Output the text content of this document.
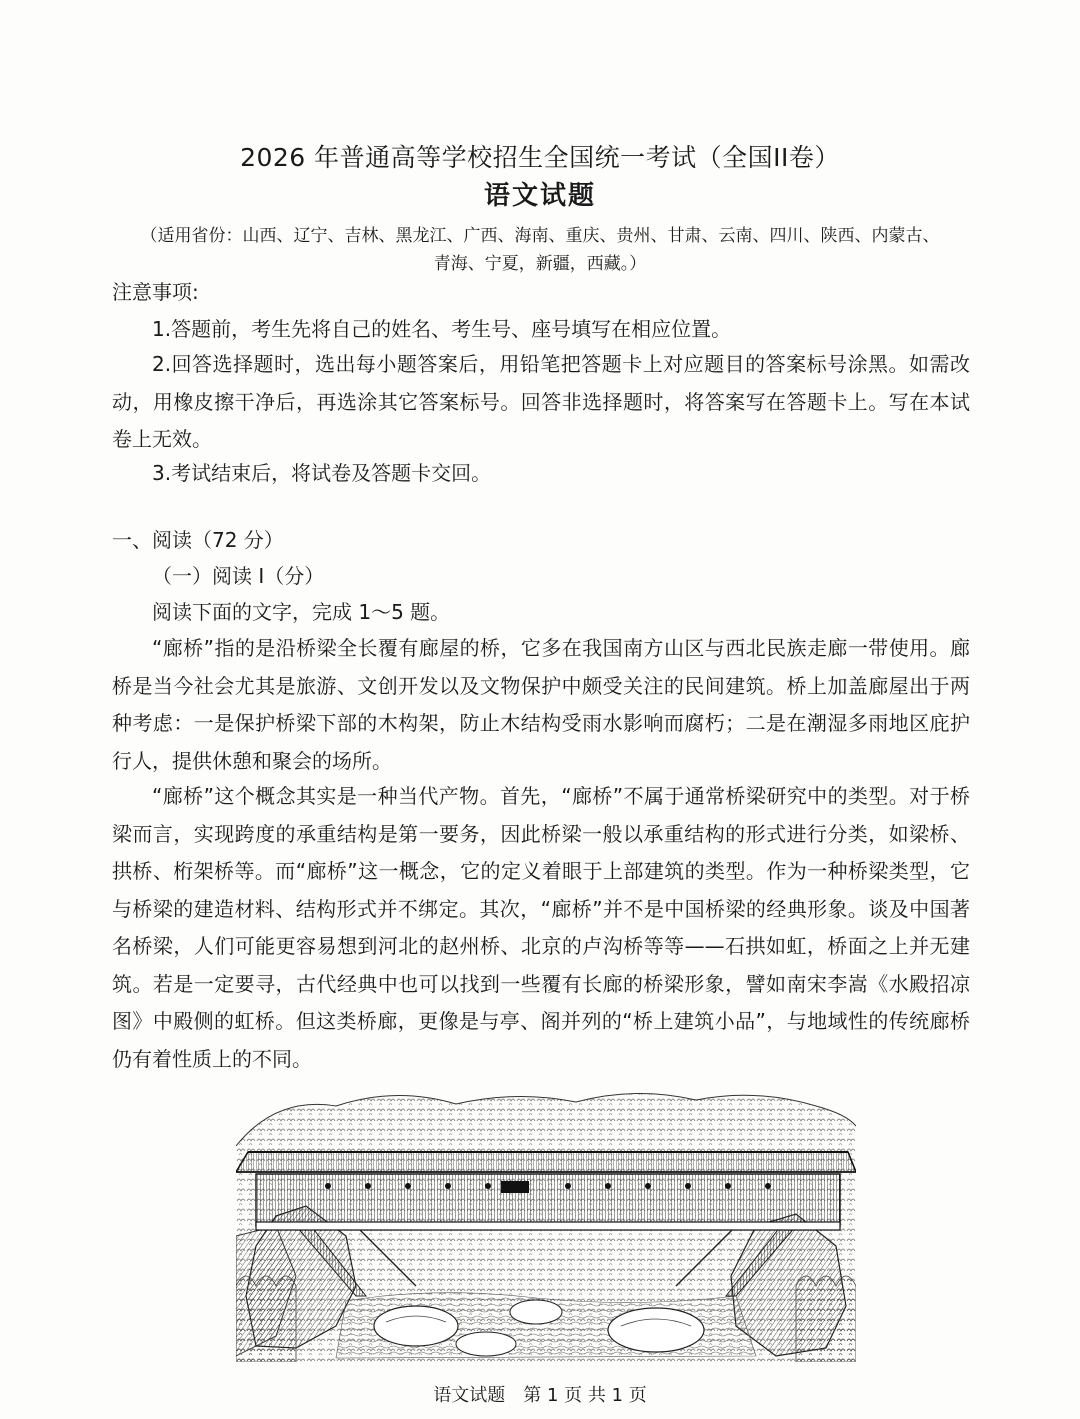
2026 年普通高等学校招生全国统一考试（全国II卷）
语文试题
（适用省份：山西、辽宁、吉林、黑龙江、广西、海南、重庆、贵州、甘肃、云南、四川、陕西、内蒙古、
青海、宁夏，新疆，西藏。）
注意事项:
1.答题前，考生先将自己的姓名、考生号、座号填写在相应位置。
2.回答选择题时，选出每小题答案后，用铅笔把答题卡上对应题目的答案标号涂黑。如需改动，用橡皮擦干净后，再选涂其它答案标号。回答非选择题时，将答案写在答题卡上。写在本试卷上无效。
3.考试结束后，将试卷及答题卡交回。
一、阅读（72 分）
（一）阅读 I（分）
阅读下面的文字，完成 1～5 题。
“廊桥”指的是沿桥梁全长覆有廊屋的桥，它多在我国南方山区与西北民族走廊一带使用。廊桥是当今社会尤其是旅游、文创开发以及文物保护中颇受关注的民间建筑。桥上加盖廊屋出于两种考虑：一是保护桥梁下部的木构架，防止木结构受雨水影响而腐朽；二是在潮湿多雨地区庇护行人，提供休憩和聚会的场所。
“廊桥”这个概念其实是一种当代产物。首先，“廊桥”不属于通常桥梁研究中的类型。对于桥梁而言，实现跨度的承重结构是第一要务，因此桥梁一般以承重结构的形式进行分类，如梁桥、拱桥、桁架桥等。而“廊桥”这一概念，它的定义着眼于上部建筑的类型。作为一种桥梁类型，它与桥梁的建造材料、结构形式并不绑定。其次，“廊桥”并不是中国桥梁的经典形象。谈及中国著名桥梁，人们可能更容易想到河北的赵州桥、北京的卢沟桥等等——石拱如虹，桥面之上并无建筑。若是一定要寻，古代经典中也可以找到一些覆有长廊的桥梁形象，譬如南宋李嵩《水殿招凉图》中殿侧的虹桥。但这类桥廊，更像是与亭、阁并列的“桥上建筑小品”，与地域性的传统廊桥仍有着性质上的不同。
语文试题　第 1 页 共 1 页
